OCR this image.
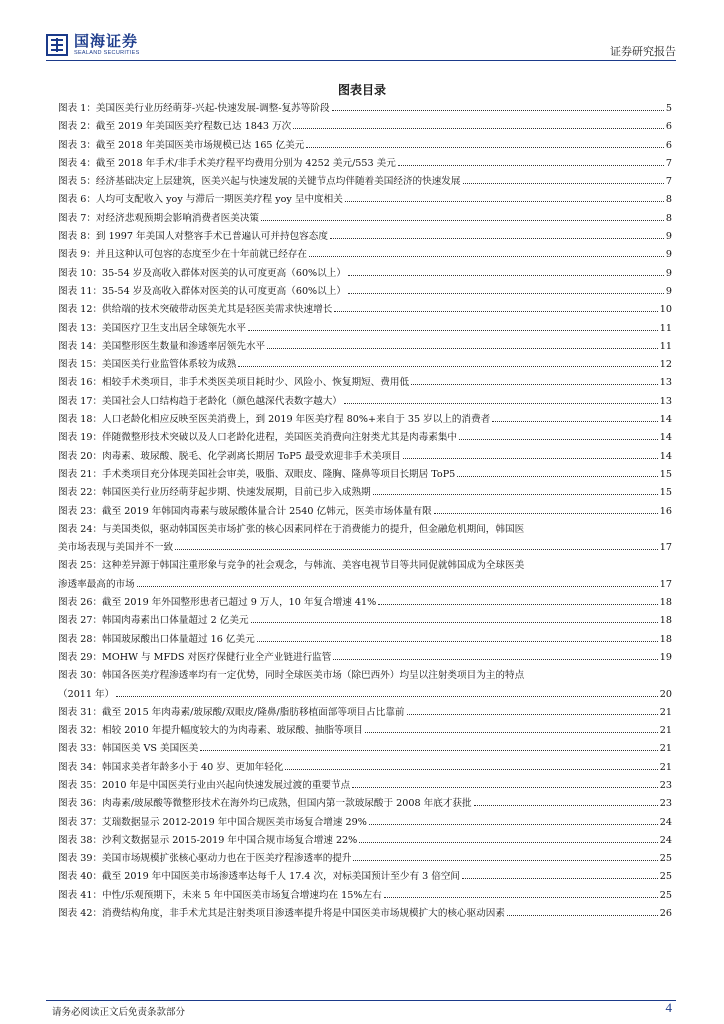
国海证券
SEALAND SECURITIES	证券研究报告
图表目录
图表 1：美国医美行业历经萌芽-兴起-快速发展-调整-复苏等阶段	5
图表 2：截至 2019 年美国医美疗程数已达 1843 万次	6
图表 3：截至 2018 年美国医美市场规模已达 165 亿美元	6
图表 4：截至 2018 年手术/非手术美疗程平均费用分别为 4252 美元/553 美元	7
图表 5：经济基础决定上层建筑，医美兴起与快速发展的关键节点均伴随着美国经济的快速发展	7
图表 6：人均可支配收入 yoy 与滞后一期医美疗程 yoy 呈中度相关	8
图表 7：对经济悲观预期会影响消费者医美决策	8
图表 8：到 1997 年美国人对整容手术已普遍认可并持包容态度	9
图表 9：并且这种认可包容的态度至少在十年前就已经存在	9
图表 10：35-54 岁及高收入群体对医美的认可度更高（60%以上）	9
图表 11：35-54 岁及高收入群体对医美的认可度更高（60%以上）	9
图表 12：供给端的技术突破带动医美尤其是轻医美需求快速增长	10
图表 13：美国医疗卫生支出居全球领先水平	11
图表 14：美国整形医生数量和渗透率居领先水平	11
图表 15：美国医美行业监管体系较为成熟	12
图表 16：相较手术类项目，非手术类医美项目耗时少、风险小、恢复期短、费用低	13
图表 17：美国社会人口结构趋于老龄化（颜色越深代表数字越大）	13
图表 18：人口老龄化相应反映至医美消费上，到 2019 年医美疗程 80%+来自于 35 岁以上的消费者	14
图表 19：伴随微整形技术突破以及人口老龄化进程，美国医美消费向注射类尤其是肉毒素集中	14
图表 20：肉毒素、玻尿酸、脱毛、化学剥离长期居 ToP5 最受欢迎非手术美项目	14
图表 21：手术类项目充分体现美国社会审美，吸脂、双眼皮、隆胸、隆鼻等项目长期居 ToP5	15
图表 22：韩国医美行业历经萌芽起步期、快速发展期，目前已步入成熟期	15
图表 23：截至 2019 年韩国肉毒素与玻尿酸体量合计 2540 亿韩元，医美市场体量有限	16
图表 24：与美国类似，驱动韩国医美市场扩张的核心因素同样在于消费能力的提升，但金融危机期间，韩国医
美市场表现与美国并不一致	17
图表 25：这种差异源于韩国注重形象与竞争的社会观念，与韩流、美容电视节目等共同促就韩国成为全球医美
渗透率最高的市场	17
图表 26：截至 2019 年外国整形患者已超过 9 万人，10 年复合增速 41%	18
图表 27：韩国肉毒素出口体量超过 2 亿美元	18
图表 28：韩国玻尿酸出口体量超过 16 亿美元	18
图表 29：MOHW 与 MFDS 对医疗保健行业全产业链进行监管	19
图表 30：韩国各医美疗程渗透率均有一定优势，同时全球医美市场（除巴西外）均呈以注射类项目为主的特点
（2011 年）	20
图表 31：截至 2015 年肉毒素/玻尿酸/双眼皮/隆鼻/脂肪移植面部等项目占比靠前	21
图表 32：相较 2010 年提升幅度较大的为肉毒素、玻尿酸、抽脂等项目	21
图表 33：韩国医美 VS 美国医美	21
图表 34：韩国求美者年龄多小于 40 岁、更加年轻化	21
图表 35：2010 年是中国医美行业由兴起向快速发展过渡的重要节点	23
图表 36：肉毒素/玻尿酸等微整形技术在海外均已成熟，但国内第一款玻尿酸于 2008 年底才获批	23
图表 37：艾瑞数据显示 2012-2019 年中国合规医美市场复合增速 29%	24
图表 38：沙利文数据显示 2015-2019 年中国合规市场复合增速 22%	24
图表 39：美国市场规模扩张核心驱动力也在于医美疗程渗透率的提升	25
图表 40：截至 2019 年中国医美市场渗透率达每千人 17.4 次，对标美国预计至少有 3 倍空间	25
图表 41：中性/乐观预期下，未来 5 年中国医美市场复合增速均在 15%左右	25
图表 42：消费结构角度，非手术尤其是注射类项目渗透率提升将是中国医美市场规模扩大的核心驱动因素	26
请务必阅读正文后免责条款部分	4
